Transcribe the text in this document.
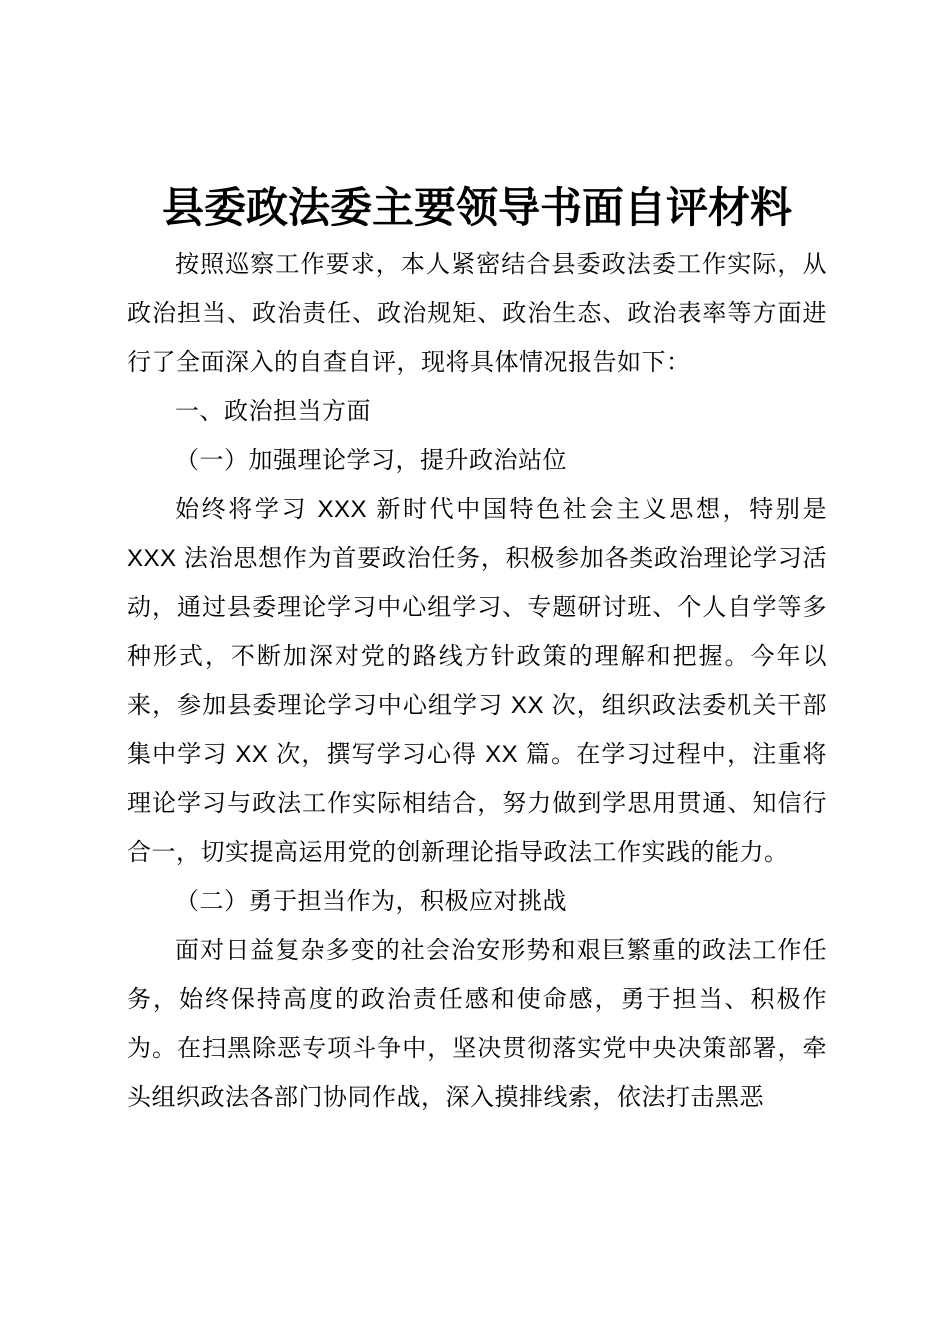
县委政法委主要领导书面自评材料

按照巡察工作要求，本人紧密结合县委政法委工作实际，从政治担当、政治责任、政治规矩、政治生态、政治表率等方面进行了全面深入的自查自评，现将具体情况报告如下：

一、政治担当方面

（一）加强理论学习，提升政治站位

始终将学习 XXX 新时代中国特色社会主义思想，特别是 XXX 法治思想作为首要政治任务，积极参加各类政治理论学习活动，通过县委理论学习中心组学习、专题研讨班、个人自学等多种形式，不断加深对党的路线方针政策的理解和把握。今年以来，参加县委理论学习中心组学习 XX 次，组织政法委机关干部集中学习 XX 次，撰写学习心得 XX 篇。在学习过程中，注重将理论学习与政法工作实际相结合，努力做到学思用贯通、知信行合一，切实提高运用党的创新理论指导政法工作实践的能力。

（二）勇于担当作为，积极应对挑战

面对日益复杂多变的社会治安形势和艰巨繁重的政法工作任务，始终保持高度的政治责任感和使命感，勇于担当、积极作为。在扫黑除恶专项斗争中，坚决贯彻落实党中央决策部署，牵头组织政法各部门协同作战，深入摸排线索，依法打击黑恶
